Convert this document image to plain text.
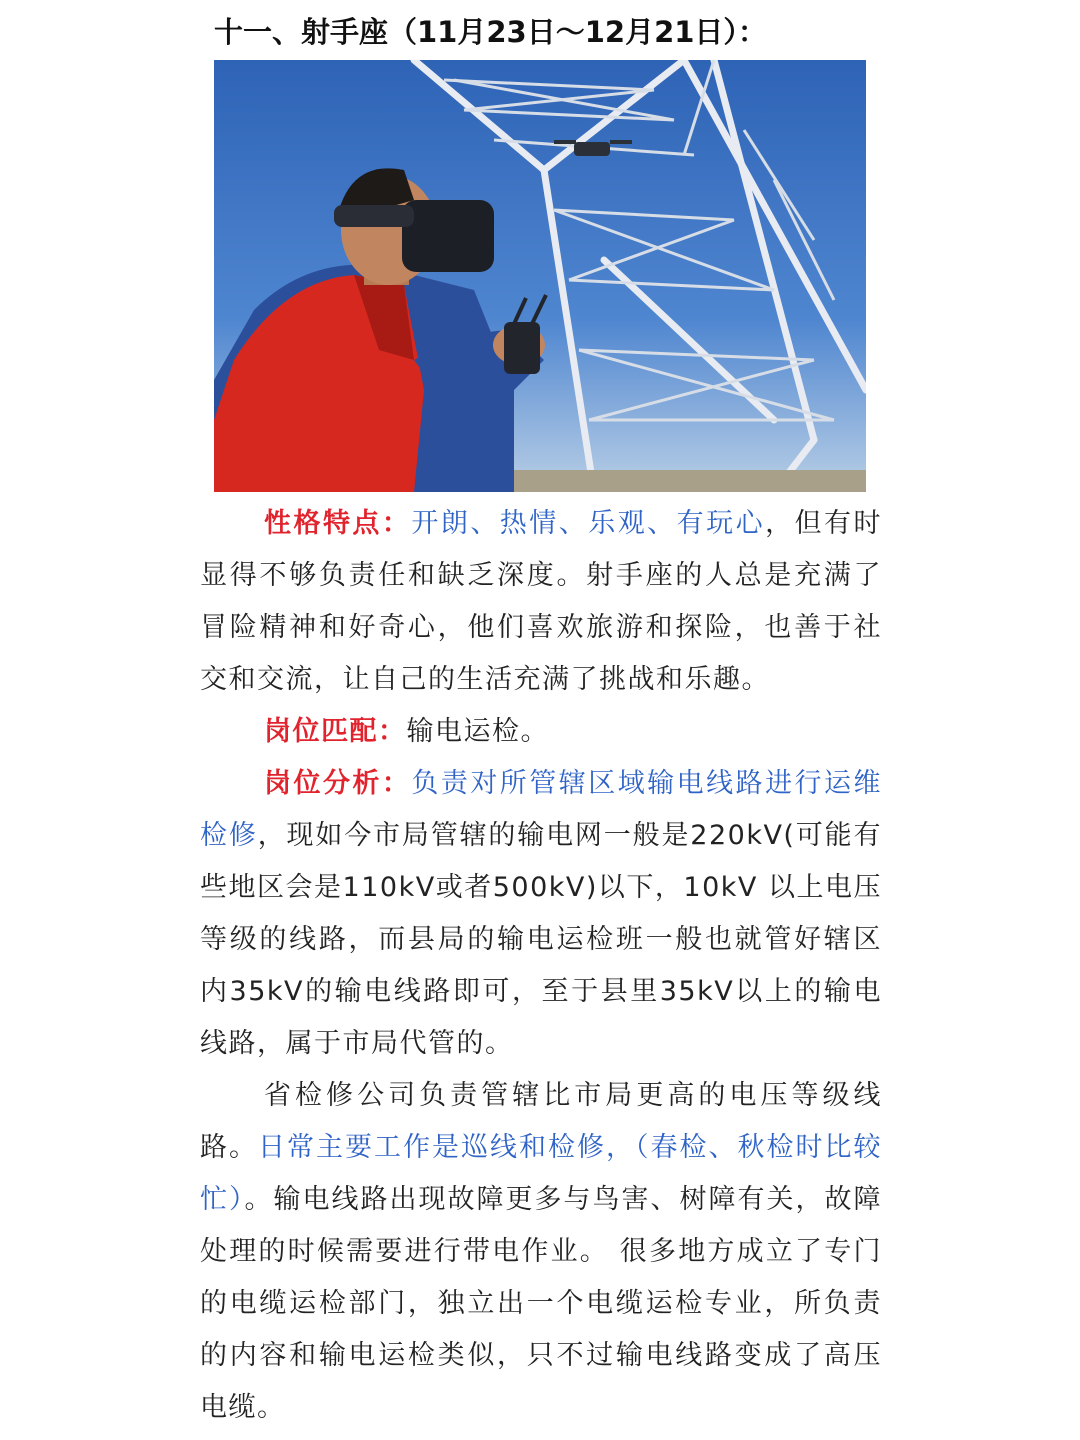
十一、射手座（11月23日～12月21日）：

性格特点：开朗、热情、乐观、有玩心，但有时显得不够负责任和缺乏深度。射手座的人总是充满了冒险精神和好奇心，他们喜欢旅游和探险，也善于社交和交流，让自己的生活充满了挑战和乐趣。

岗位匹配：输电运检。

岗位分析：负责对所管辖区域输电线路进行运维检修，现如今市局管辖的输电网一般是220kV(可能有些地区会是110kV或者500kV)以下，10kV 以上电压等级的线路，而县局的输电运检班一般也就管好辖区内35kV的输电线路即可，至于县里35kV以上的输电线路，属于市局代管的。

省检修公司负责管辖比市局更高的电压等级线路。日常主要工作是巡线和检修，（春检、秋检时比较忙）。输电线路出现故障更多与鸟害、树障有关，故障处理的时候需要进行带电作业。 很多地方成立了专门的电缆运检部门，独立出一个电缆运检专业，所负责的内容和输电运检类似，只不过输电线路变成了高压电缆。
